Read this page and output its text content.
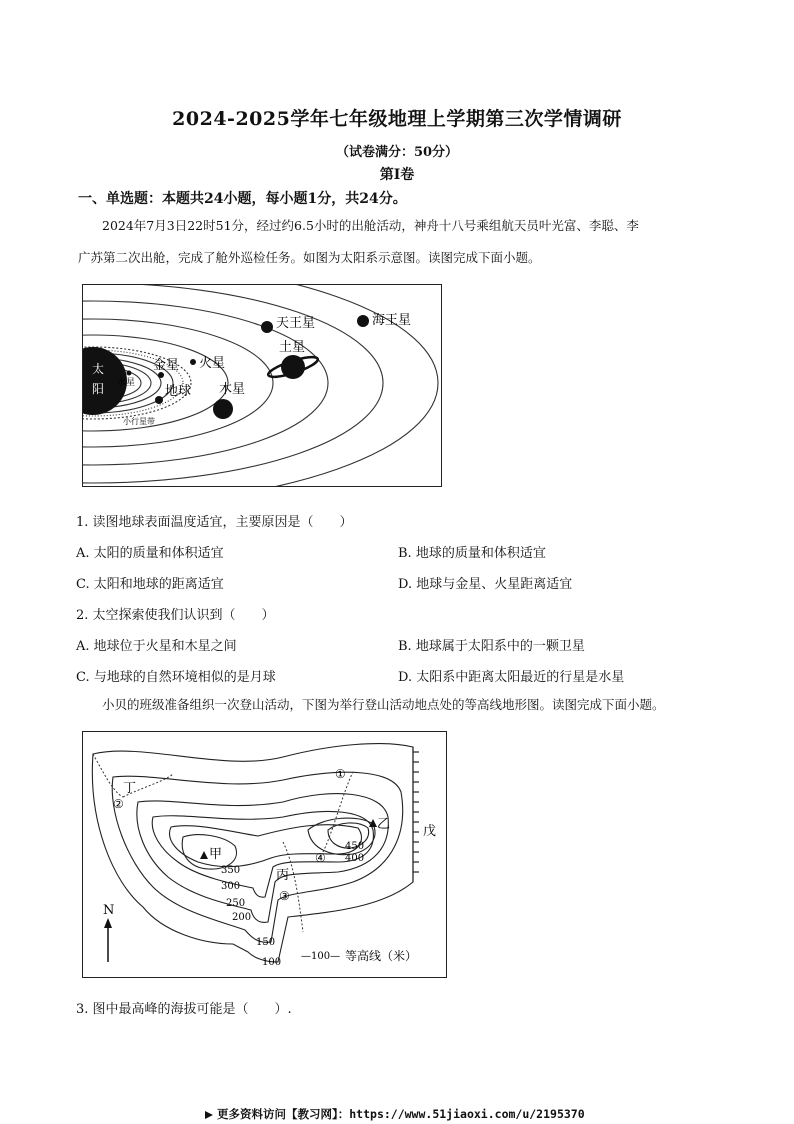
2024-2025学年七年级地理上学期第三次学情调研
（试卷满分：50分）
第Ⅰ卷
一、单选题：本题共24小题，每小题1分，共24分。
2024年7月3日22时51分，经过约6.5小时的出舱活动，神舟十八号乘组航天员叶光富、李聪、李
广苏第二次出舱，完成了舱外巡检任务。如图为太阳系示意图。读图完成下面小题。
太
阳 水星
金星
地球
火星
木星
小行星带
土星
天王星	海王星
1. 读图地球表面温度适宜，主要原因是（　　）
A. 太阳的质量和体积适宜	B. 地球的质量和体积适宜
C. 太阳和地球的距离适宜	D. 地球与金星、火星距离适宜
2. 太空探索使我们认识到（　　）
A. 地球位于火星和木星之间	B. 地球属于太阳系中的一颗卫星
C. 与地球的自然环境相似的是月球	D. 太阳系中距离太阳最近的行星是水星
小贝的班级准备组织一次登山活动，下图为举行登山活动地点处的等高线地形图。读图完成下面小题。
丁
②
甲
乙
①
④
③
丙
戊
350
300
250
200
150
100
450
400
N
—100— 等高线（米）
3. 图中最高峰的海拔可能是（　　）.
更多资料访问【教习网】：https://www.51jiaoxi.com/u/2195370
